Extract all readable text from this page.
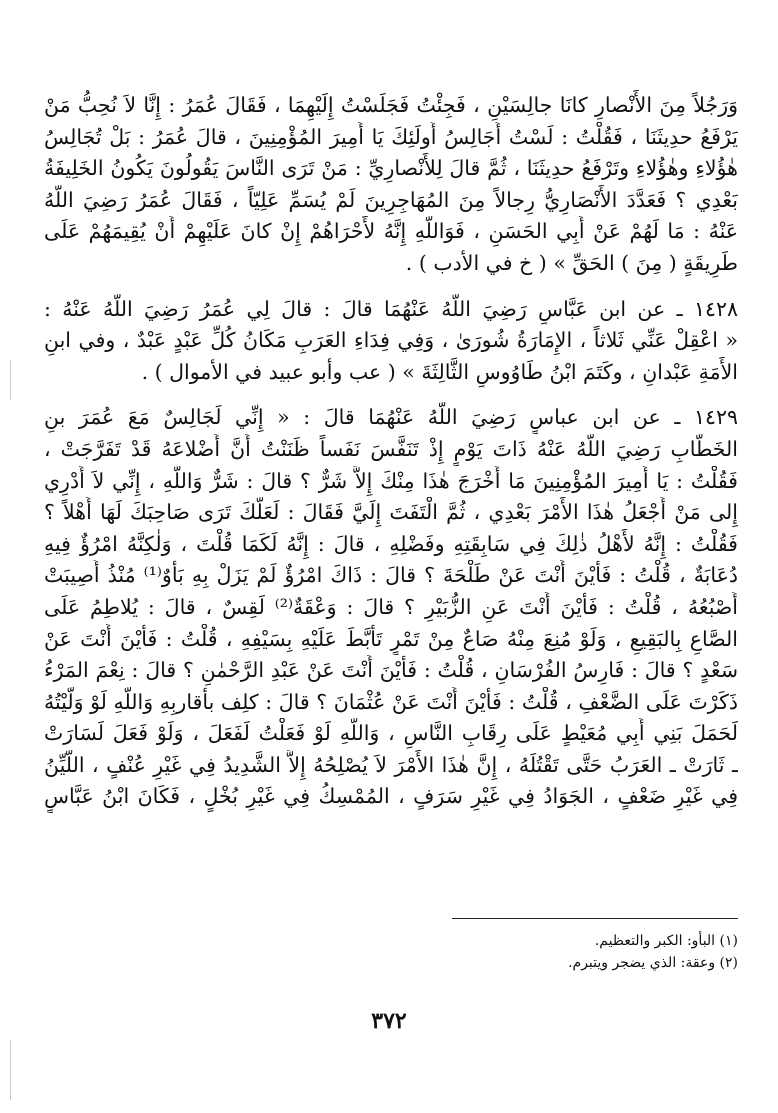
وَرَجُلاً مِنَ الأَنْصارِ كانَا جالِسَيْنِ ، فَجِئْتُ فَجَلَسْتُ إِلَيْهِمَا ، فَقَالَ عُمَرُ : إِنَّا لاَ نُحِبُّ مَنْ
يَرْفَعُ حدِيثَنَا ، فَقُلْتُ : لَسْتُ أُجَالِسُ أُولَئِكَ يَا أَمِيرَ المُؤْمِنِينَ ، قالَ عُمَرُ : بَلْ تُجَالِسُ
هٰؤُلاءِ وهٰؤُلاءِ وتَرْفَعُ حدِيثَنَا ، ثُمَّ قالَ لِلأَنْصارِيِّ : مَنْ تَرَى النَّاسَ يَقُولُونَ يَكُونُ الخَلِيفَةُ
بَعْدِي ؟ فَعَدَّدَ الأَنْصَارِيُّ رِجالاً مِنَ المُهَاجِرِينَ لَمْ يُسَمِّ عَلِيّاً ، فَقَالَ عُمَرُ رَضِيَ اللَّهُ
عَنْهُ : مَا لَهُمْ عَنْ أَبِي الحَسَنِ ، فَوَاللَّهِ إِنَّهُ لأَحْرَاهُمْ إِنْ كانَ عَلَيْهِمْ أَنْ يُقِيمَهُمْ عَلَى
طَرِيقَةٍ ( مِنَ ) الحَقِّ » ( خ في الأدب ) .
١٤٢٨ ـ عن ابن عَبَّاسٍ رَضِيَ اللَّهُ عَنْهُمَا قالَ : قالَ لِي عُمَرُ رَضِيَ اللَّهُ عَنْهُ :
« اعْقِلْ عَنِّي ثَلاثاً ، الإِمَارَةُ شُورَىٰ ، وَفِي فِدَاءِ العَرَبِ مَكَانُ كُلِّ عَبْدٍ عَبْدٌ ، وفي ابنِ
الأَمَةِ عَبْدانِ ، وكَتَمَ ابْنُ طَاوُوسٍ الثَّالِثَةَ » ( عب وأبو عبيد في الأموال ) .
١٤٢٩ ـ عن ابن عباسٍ رَضِيَ اللَّهُ عَنْهُمَا قالَ : « إِنِّي لَجَالِسٌ مَعَ عُمَرَ بنِ
الخَطَّابِ رَضِيَ اللَّهُ عَنْهُ ذَاتَ يَوْمٍ إِذْ تَنَفَّسَ نَفَساً ظَنَنْتُ أَنَّ أَضْلاعَهُ قَدْ تَفَرَّجَتْ ،
فَقُلْتُ : يَا أَمِيرَ المُؤْمِنِينَ مَا أَخْرَجَ هٰذَا مِنْكَ إِلاَّ شَرٌّ ؟ قالَ : شَرٌّ وَاللَّهِ ، إِنِّي لاَ أَدْرِي
إِلى مَنْ أَجْعَلُ هٰذَا الأَمْرَ بَعْدِي ، ثُمَّ الْتَفَتَ إِلَيَّ فَقَالَ : لَعَلَّكَ تَرَى صَاحِبَكَ لَهَا أَهْلاً ؟
فَقُلْتُ : إِنَّهُ لأَهْلُ ذٰلِكَ فِي سَابِقَتِهِ وفَضْلِهِ ، قالَ : إِنَّهُ لَكَمَا قُلْتَ ، وَلٰكِنَّهُ امْرُؤٌ فِيهِ
دُعَابَةٌ ، قُلْتُ : فَأَيْنَ أَنْتَ عَنْ طَلْحَةَ ؟ قالَ : ذَاكَ امْرُؤٌ لَمْ يَزَلْ بِهِ بَأْوٌ⁽¹⁾ مُنْذُ أُصِيبَتْ
أُصْبُعُهُ ، قُلْتُ : فَأَيْنَ أَنْتَ عَنِ الزُّبَيْرِ ؟ قالَ : وَعْقَةٌ⁽²⁾ لَقِسٌ ، قالَ : يُلاطِمُ عَلَى
الصَّاعِ بِالبَقِيعِ ، وَلَوْ مُنِعَ مِنْهُ صَاعٌ مِنْ تَمْرٍ تَأَبَّطَ عَلَيْهِ بِسَيْفِهِ ، قُلْتُ : فَأَيْنَ أَنْتَ عَنْ
سَعْدٍ ؟ قالَ : فَارِسُ الفُرْسَانِ ، قُلْتُ : فَأَيْنَ أَنْتَ عَنْ عَبْدِ الرَّحْمٰنِ ؟ قالَ : نِعْمَ المَرْءُ
ذَكَرْتَ عَلَى الضَّعْفِ ، قُلْتُ : فَأَيْنَ أَنْتَ عَنْ عُثْمَانَ ؟ قالَ : كلِف بأقاربِهِ وَاللَّهِ لَوْ وَلَّيْتُهُ
لَحَمَلَ بَنِي أَبِي مُعَيْطٍ عَلَى رِقَابِ النَّاسِ ، وَاللَّهِ لَوْ فَعَلْتُ لَفَعَلَ ، وَلَوْ فَعَلَ لَسَارَتْ
ـ ثَارَتْ ـ العَرَبُ حَتَّى تَقْتُلَهُ ، إِنَّ هٰذَا الأَمْرَ لاَ يُصْلِحُهُ إِلاَّ الشَّدِيدُ فِي غَيْرِ عُنْفٍ ، اللَّيِّنُ
فِي غَيْرِ ضَعْفٍ ، الجَوَادُ فِي غَيْرِ سَرَفٍ ، المُمْسِكُ فِي غَيْرِ بُخْلٍ ، فَكَانَ ابْنُ عَبَّاسٍ
(١) البأو: الكبر والتعظيم.
(٢) وعقة: الذي يضجر ويتبرم.
٣٧٢
